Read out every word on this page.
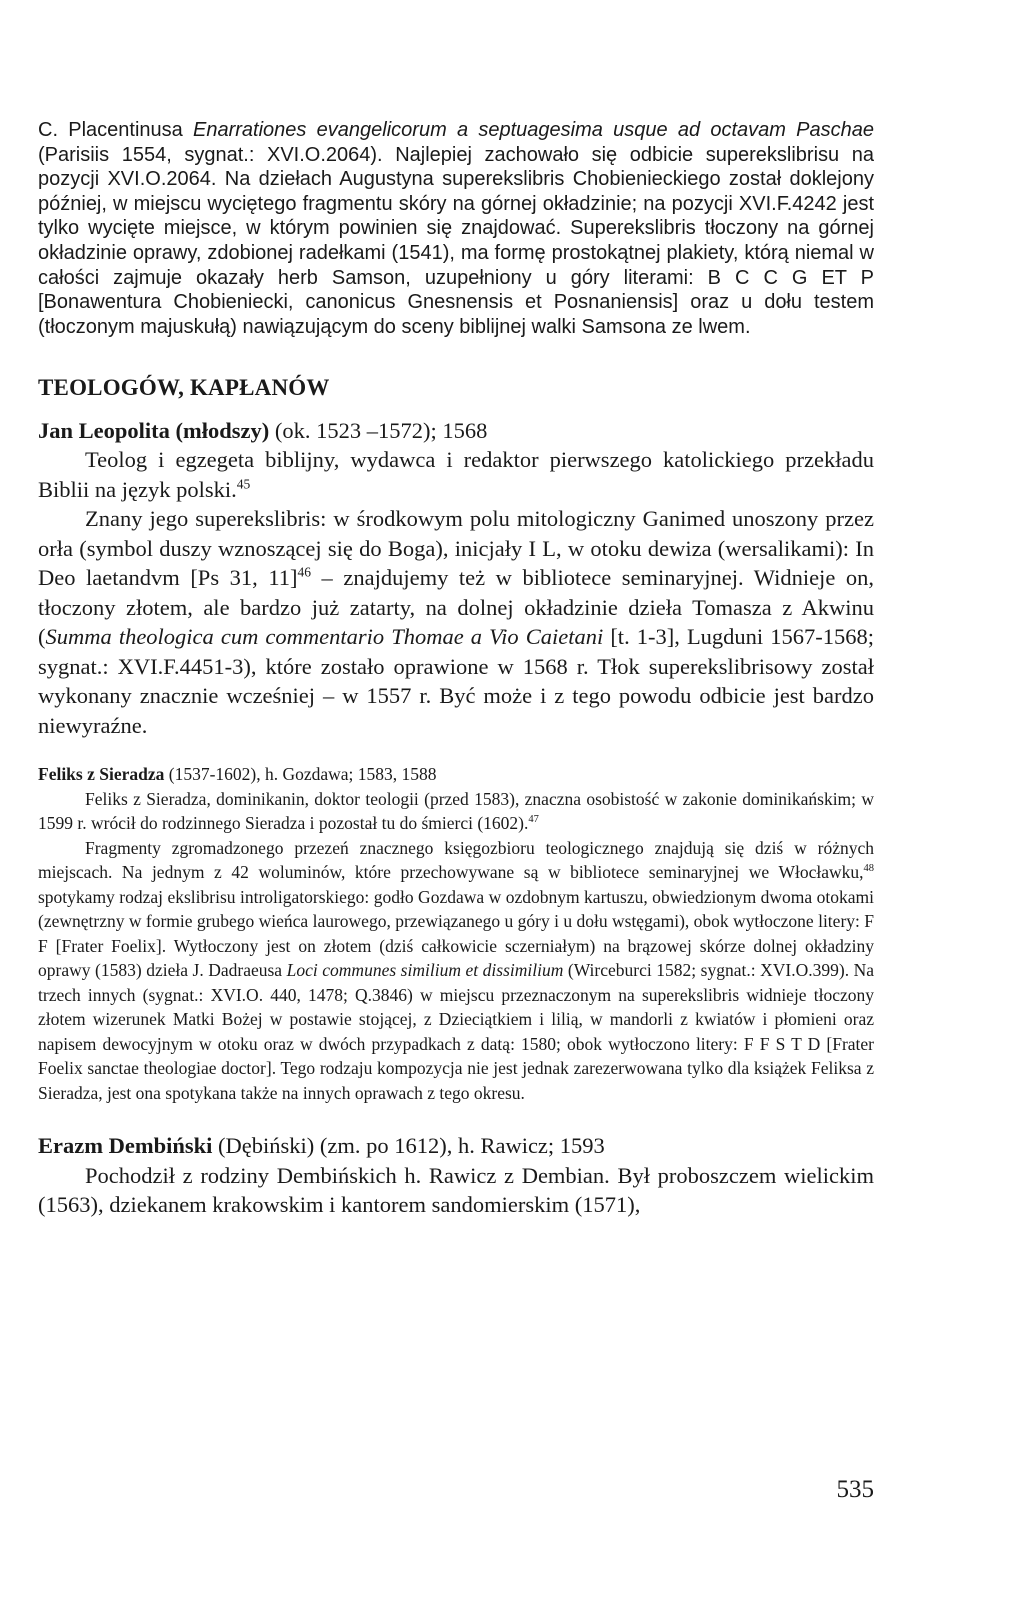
C. Placentinusa Enarrationes evangelicorum a septuagesima usque ad octavam Paschae (Parisiis 1554, sygnat.: XVI.O.2064). Najlepiej zachowało się odbicie superekslibrisu na pozycji XVI.O.2064. Na dziełach Augustyna superekslibris Chobienieckiego został doklejony później, w miejscu wyciętego fragmentu skóry na górnej okładzinie; na pozycji XVI.F.4242 jest tylko wycięte miejsce, w którym powinien się znajdować. Superekslibris tłoczony na górnej okładzinie oprawy, zdobionej radełkami (1541), ma formę prostokątnej plakiety, którą niemal w całości zajmuje okazały herb Samson, uzupełniony u góry literami: B C C G ET P [Bonawentura Chobieniecki, canonicus Gnesnensis et Posnaniensis] oraz u dołu testem (tłoczonym majuskułą) nawiązującym do sceny biblijnej walki Samsona ze lwem.

TEOLOGÓW, KAPŁANÓW

Jan Leopolita (młodszy) (ok. 1523 –1572); 1568

Teolog i egzegeta biblijny, wydawca i redaktor pierwszego katolickiego przekładu Biblii na język polski.$^{45}$

Znany jego superekslibris: w środkowym polu mitologiczny Ganimed unoszony przez orła (symbol duszy wznoszącej się do Boga), inicjały I L, w otoku dewiza (wersalikami): In Deo laetandvm [Ps 31, 11]$^{46}$ – znajdujemy też w bibliotece seminaryjnej. Widnieje on, tłoczony złotem, ale bardzo już zatarty, na dolnej okładzinie dzieła Tomasza z Akwinu (Summa theologica cum commentario Thomae a Vio Caietani [t. 1-3], Lugduni 1567-1568; sygnat.: XVI.F.4451-3), które zostało oprawione w 1568 r. Tłok superekslibrisowy został wykonany znacznie wcześniej – w 1557 r. Być może i z tego powodu odbicie jest bardzo niewyraźne.

Feliks z Sieradza (1537-1602), h. Gozdawa; 1583, 1588

Feliks z Sieradza, dominikanin, doktor teologii (przed 1583), znaczna osobistość w zakonie dominikańskim; w 1599 r. wrócił do rodzinnego Sieradza i pozostał tu do śmierci (1602).$^{47}$

Fragmenty zgromadzonego przezeń znacznego księgozbioru teologicznego znajdują się dziś w różnych miejscach. Na jednym z 42 woluminów, które przechowywane są w bibliotece seminaryjnej we Włocławku,$^{48}$ spotykamy rodzaj ekslibrisu introligatorskiego: godło Gozdawa w ozdobnym kartuszu, obwiedzionym dwoma otokami (zewnętrzny w formie grubego wieńca laurowego, przewiązanego u góry i u dołu wstęgami), obok wytłoczone litery: F F [Frater Foelix]. Wytłoczony jest on złotem (dziś całkowicie sczerniałym) na brązowej skórze dolnej okładziny oprawy (1583) dzieła J. Dadraeusa Loci communes similium et dissimilium (Wirceburci 1582; sygnat.: XVI.O.399). Na trzech innych (sygnat.: XVI.O. 440, 1478; Q.3846) w miejscu przeznaczonym na superekslibris widnieje tłoczony złotem wizerunek Matki Bożej w postawie stojącej, z Dzieciątkiem i lilią, w mandorli z kwiatów i płomieni oraz napisem dewocyjnym w otoku oraz w dwóch przypadkach z datą: 1580; obok wytłoczono litery: F F S T D [Frater Foelix sanctae theologiae doctor]. Tego rodzaju kompozycja nie jest jednak zarezerwowana tylko dla książek Feliksa z Sieradza, jest ona spotykana także na innych oprawach z tego okresu.

Erazm Dembiński (Dębiński) (zm. po 1612), h. Rawicz; 1593

Pochodził z rodziny Dembińskich h. Rawicz z Dembian. Był proboszczem wielickim (1563), dziekanem krakowskim i kantorem sandomierskim (1571),

535
